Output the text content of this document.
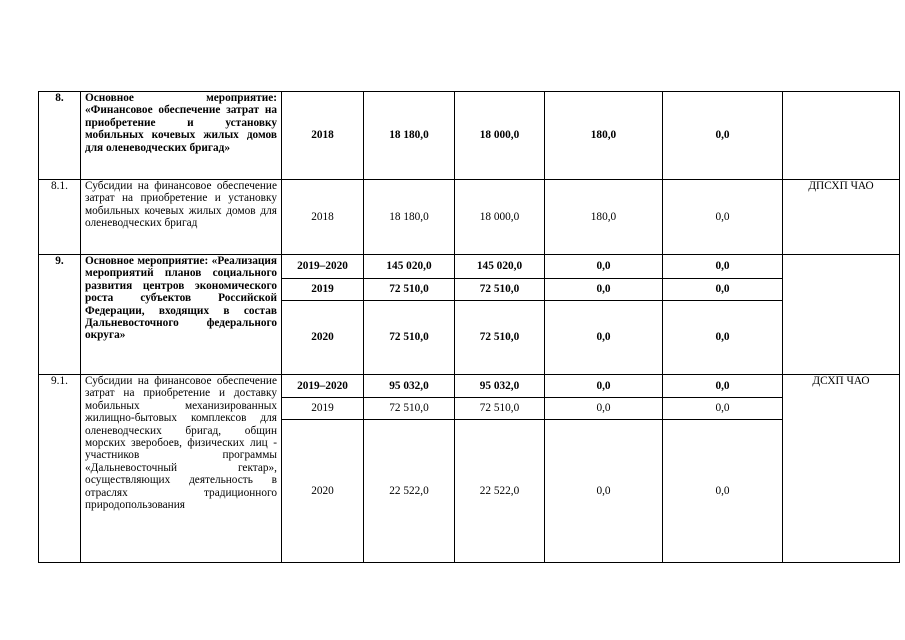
8.	Основное мероприятие: «Финансовое обеспечение затрат на приобретение и установку мобильных кочевых жилых домов для оленеводческих бригад»	2018	18 180,0	18 000,0	180,0	0,0	
8.1.	Субсидии на финансовое обеспечение затрат на приобретение и установку мобильных кочевых жилых домов для оленеводческих бригад	2018	18 180,0	18 000,0	180,0	0,0	ДПСХП ЧАО
9.	Основное мероприятие: «Реализация мероприятий планов социального развития центров экономического роста субъектов Российской Федерации, входящих в состав Дальневосточного федерального округа»	2019–2020	145 020,0	145 020,0	0,0	0,0	
		2019	72 510,0	72 510,0	0,0	0,0	
		2020	72 510,0	72 510,0	0,0	0,0	
9.1.	Субсидии на финансовое обеспечение затрат на приобретение и доставку мобильных механизированных жилищно-бытовых комплексов для оленеводческих бригад, общин морских зверобоев, физических лиц - участников программы «Дальневосточный гектар», осуществляющих деятельность в отраслях традиционного природопользования	2019–2020	95 032,0	95 032,0	0,0	0,0	ДСХП ЧАО
		2019	72 510,0	72 510,0	0,0	0,0	
		2020	22 522,0	22 522,0	0,0	0,0	
